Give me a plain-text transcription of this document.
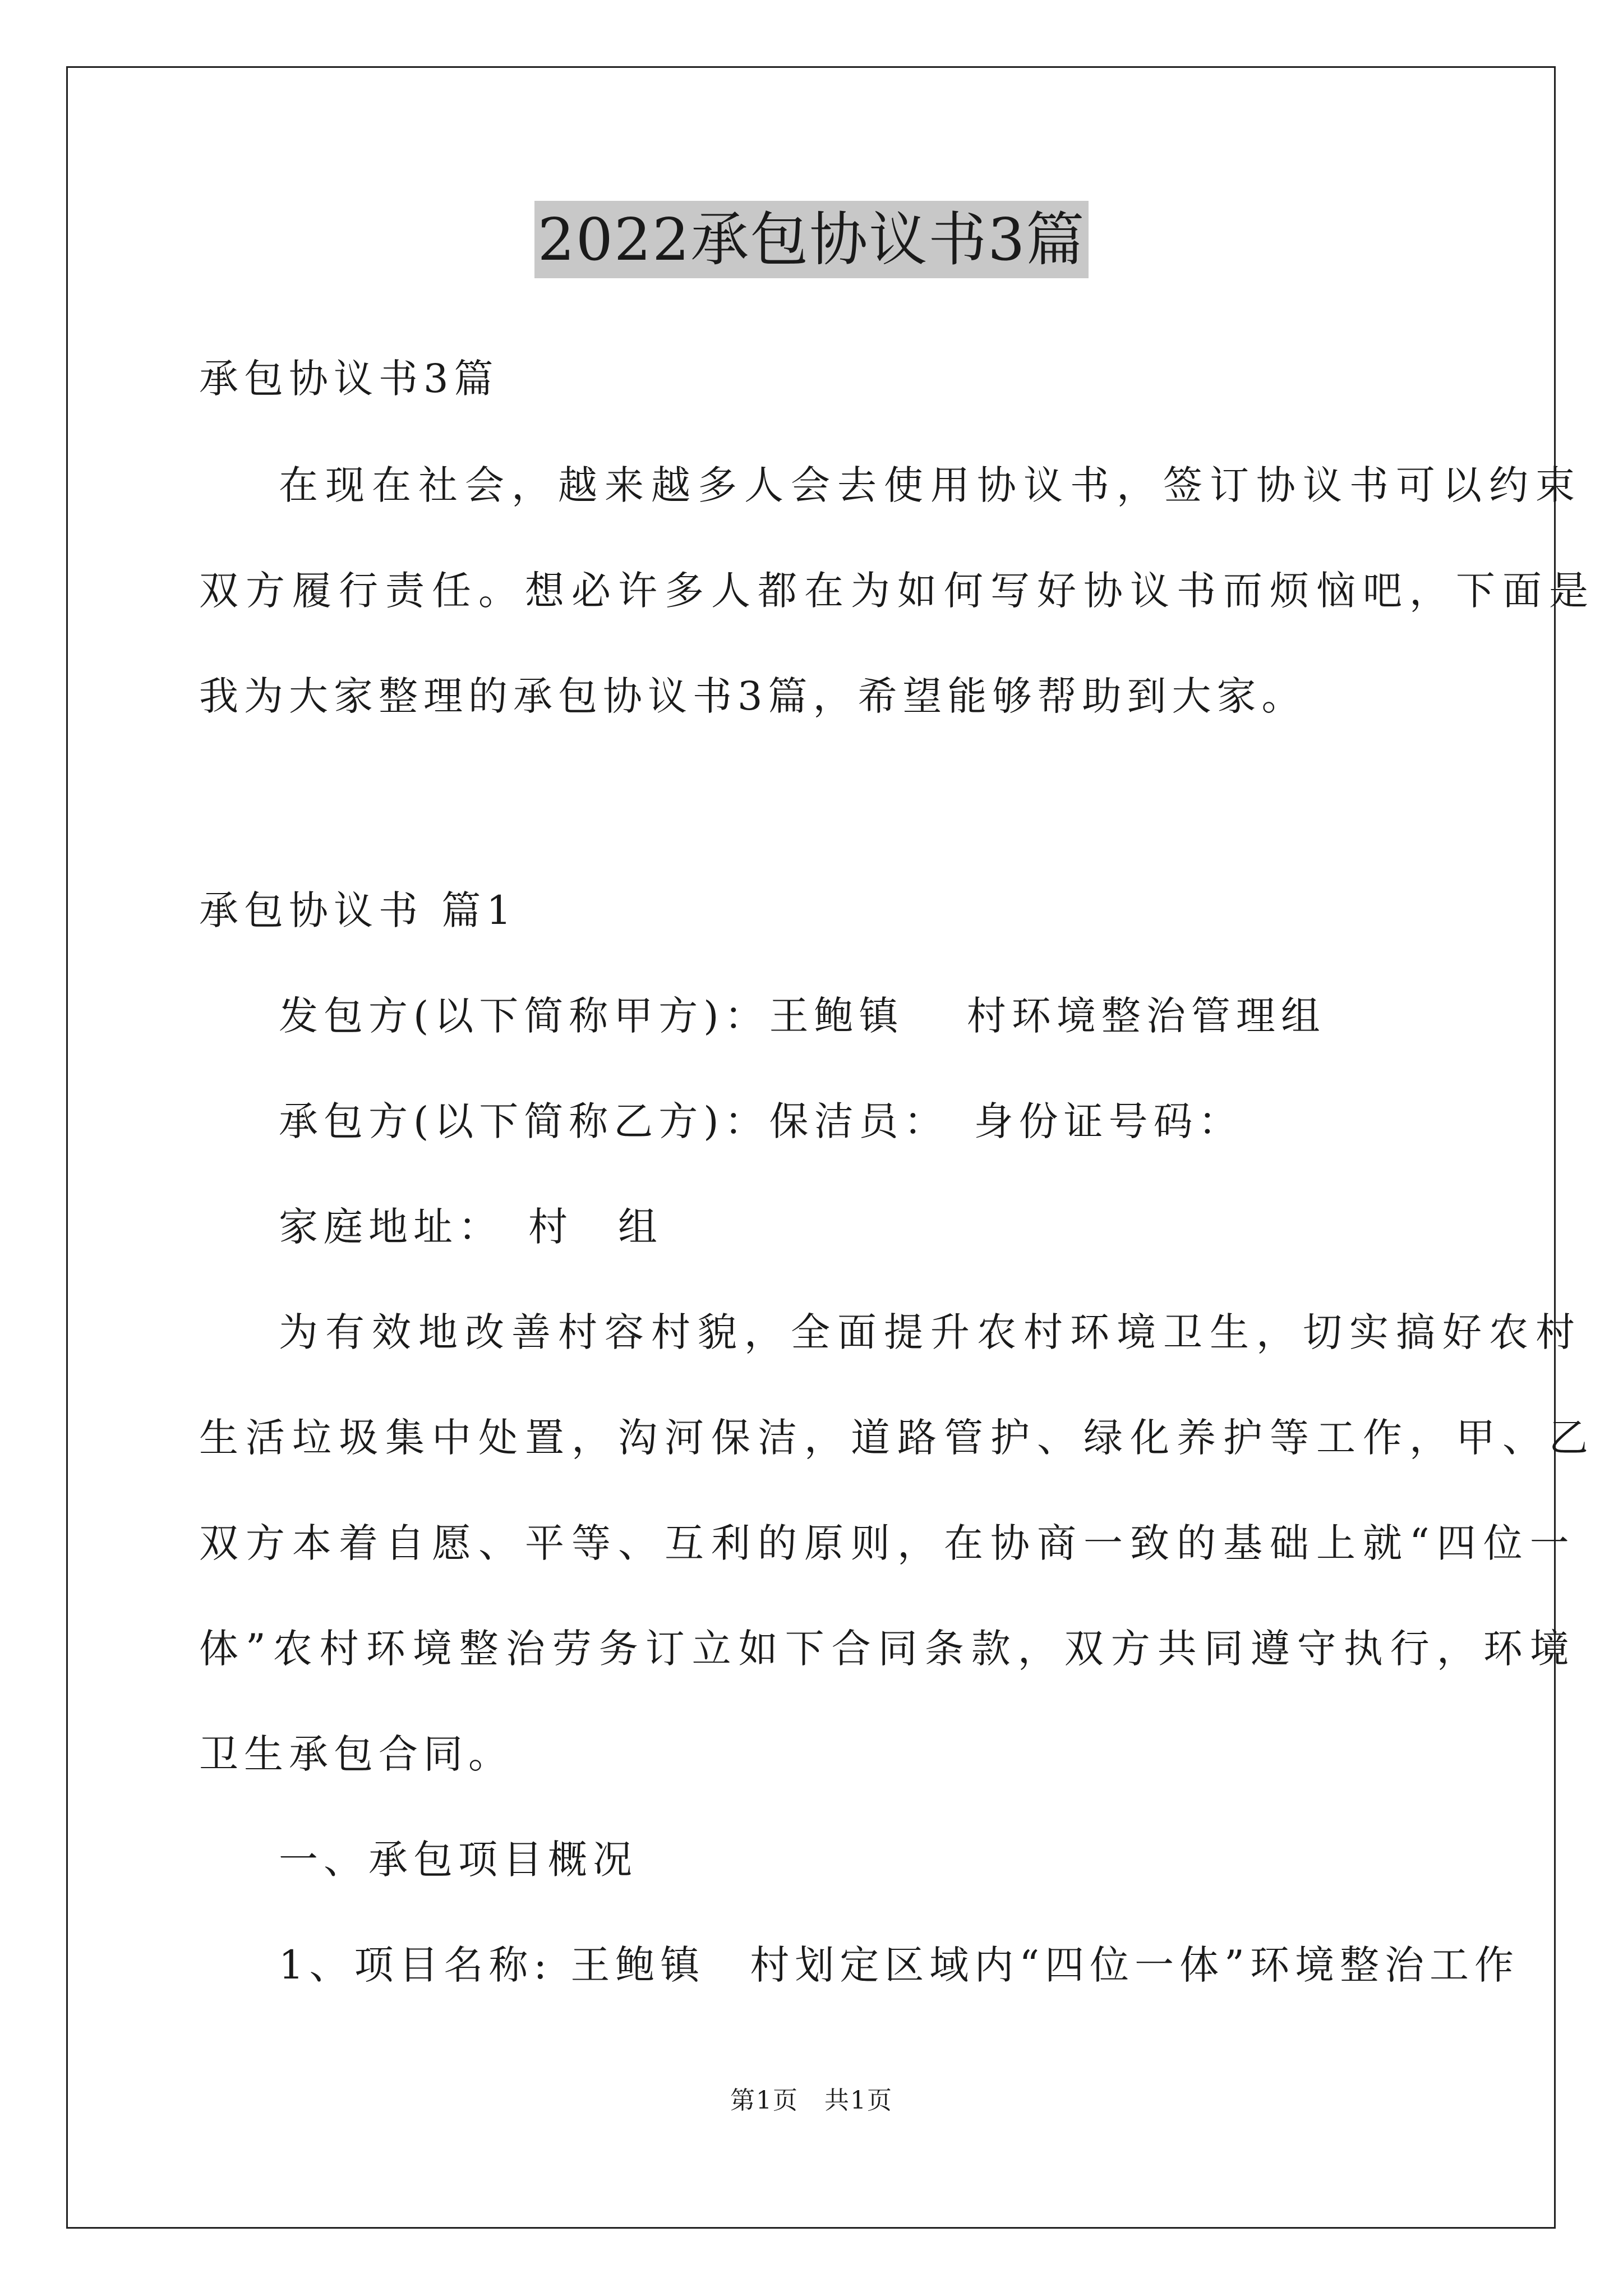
2022承包协议书3篇
承包协议书3篇
在现在社会，越来越多人会去使用协议书，签订协议书可以约束
双方履行责任。想必许多人都在为如何写好协议书而烦恼吧，下面是
我为大家整理的承包协议书3篇，希望能够帮助到大家。
承包协议书 篇1
发包方(以下简称甲方)：王鲍镇　 村环境整治管理组
承包方(以下简称乙方)：保洁员：　身份证号码：
家庭地址：　村　组
为有效地改善村容村貌，全面提升农村环境卫生，切实搞好农村
生活垃圾集中处置，沟河保洁，道路管护、绿化养护等工作，甲、乙
双方本着自愿、平等、互利的原则，在协商一致的基础上就“四位一
体”农村环境整治劳务订立如下合同条款，双方共同遵守执行，环境
卫生承包合同。
一、承包项目概况
1、项目名称: 王鲍镇　村划定区域内“四位一体”环境整治工作
第1页　共1页
